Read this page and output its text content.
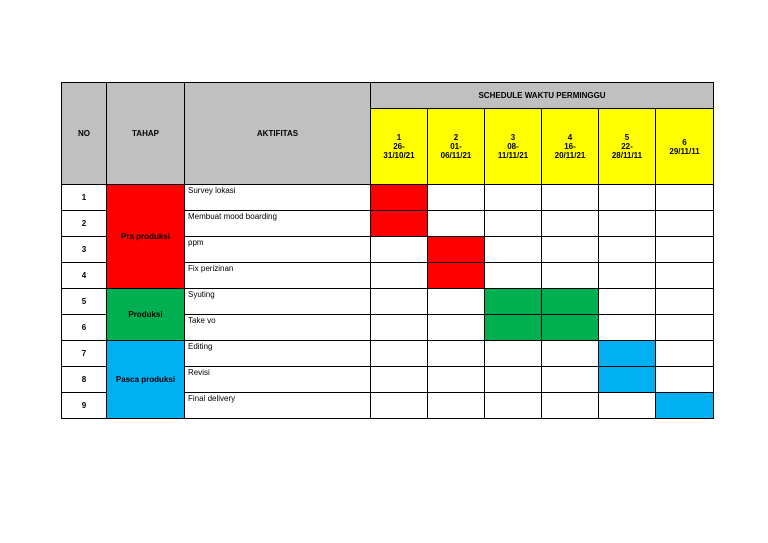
NO	TAHAP	AKTIFITAS	SCHEDULE WAKTU PERMINGGU					

			1
26-
31/10/21	2
01-
06/11/21	3
08-
11/11/21	4
16-
20/11/21	5
22-
28/11/11	6
29/11/11

1	Pra produksi	Survey lokasi						
2		Membuat mood boarding						
3		ppm						
4		Fix perizinan						
5	Produksi	Syuting						
6		Take vo						
7	Pasca produksi	Editing						
8		Revisi						
9		Final delivery						
